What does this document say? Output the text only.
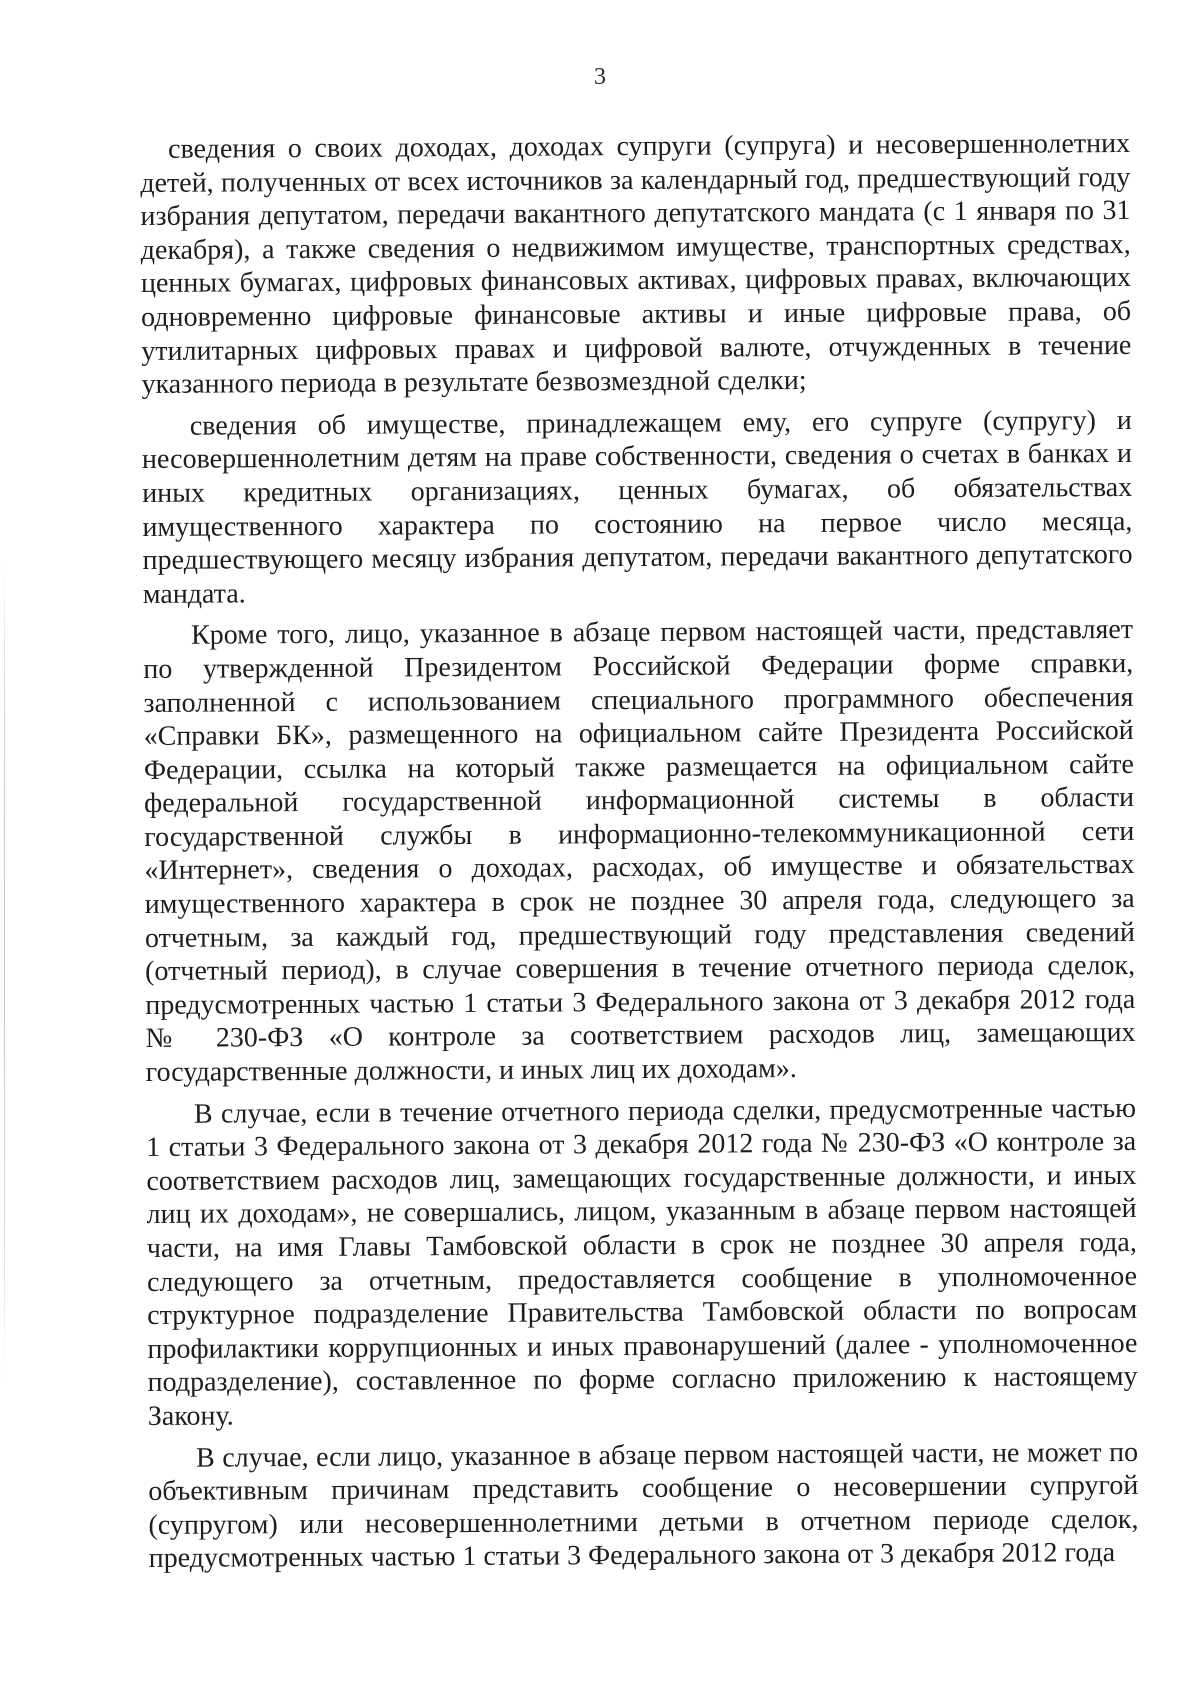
3

сведения о своих доходах, доходах супруги (супруга) и несовершеннолетних детей, полученных от всех источников за календарный год, предшествующий году избрания депутатом, передачи вакантного депутатского мандата (с 1 января по 31 декабря), а также сведения о недвижимом имуществе, транспортных средствах, ценных бумагах, цифровых финансовых активах, цифровых правах, включающих одновременно цифровые финансовые активы и иные цифровые права, об утилитарных цифровых правах и цифровой валюте, отчужденных в течение указанного периода в результате безвозмездной сделки;

сведения об имуществе, принадлежащем ему, его супруге (супругу) и несовершеннолетним детям на праве собственности, сведения о счетах в банках и иных кредитных организациях, ценных бумагах, об обязательствах имущественного характера по состоянию на первое число месяца, предшествующего месяцу избрания депутатом, передачи вакантного депутатского мандата.

Кроме того, лицо, указанное в абзаце первом настоящей части, представляет по утвержденной Президентом Российской Федерации форме справки, заполненной с использованием специального программного обеспечения «Справки БК», размещенного на официальном сайте Президента Российской Федерации, ссылка на который также размещается на официальном сайте федеральной государственной информационной системы в области государственной службы в информационно-телекоммуникационной сети «Интернет», сведения о доходах, расходах, об имуществе и обязательствах имущественного характера в срок не позднее 30 апреля года, следующего за отчетным, за каждый год, предшествующий году представления сведений (отчетный период), в случае совершения в течение отчетного периода сделок, предусмотренных частью 1 статьи 3 Федерального закона от 3 декабря 2012 года № 230-ФЗ «О контроле за соответствием расходов лиц, замещающих государственные должности, и иных лиц их доходам».

В случае, если в течение отчетного периода сделки, предусмотренные частью 1 статьи 3 Федерального закона от 3 декабря 2012 года № 230-ФЗ «О контроле за соответствием расходов лиц, замещающих государственные должности, и иных лиц их доходам», не совершались, лицом, указанным в абзаце первом настоящей части, на имя Главы Тамбовской области в срок не позднее 30 апреля года, следующего за отчетным, предоставляется сообщение в уполномоченное структурное подразделение Правительства Тамбовской области по вопросам профилактики коррупционных и иных правонарушений (далее - уполномоченное подразделение), составленное по форме согласно приложению к настоящему Закону.

В случае, если лицо, указанное в абзаце первом настоящей части, не может по объективным причинам представить сообщение о несовершении супругой (супругом) или несовершеннолетними детьми в отчетном периоде сделок, предусмотренных частью 1 статьи 3 Федерального закона от 3 декабря 2012 года
